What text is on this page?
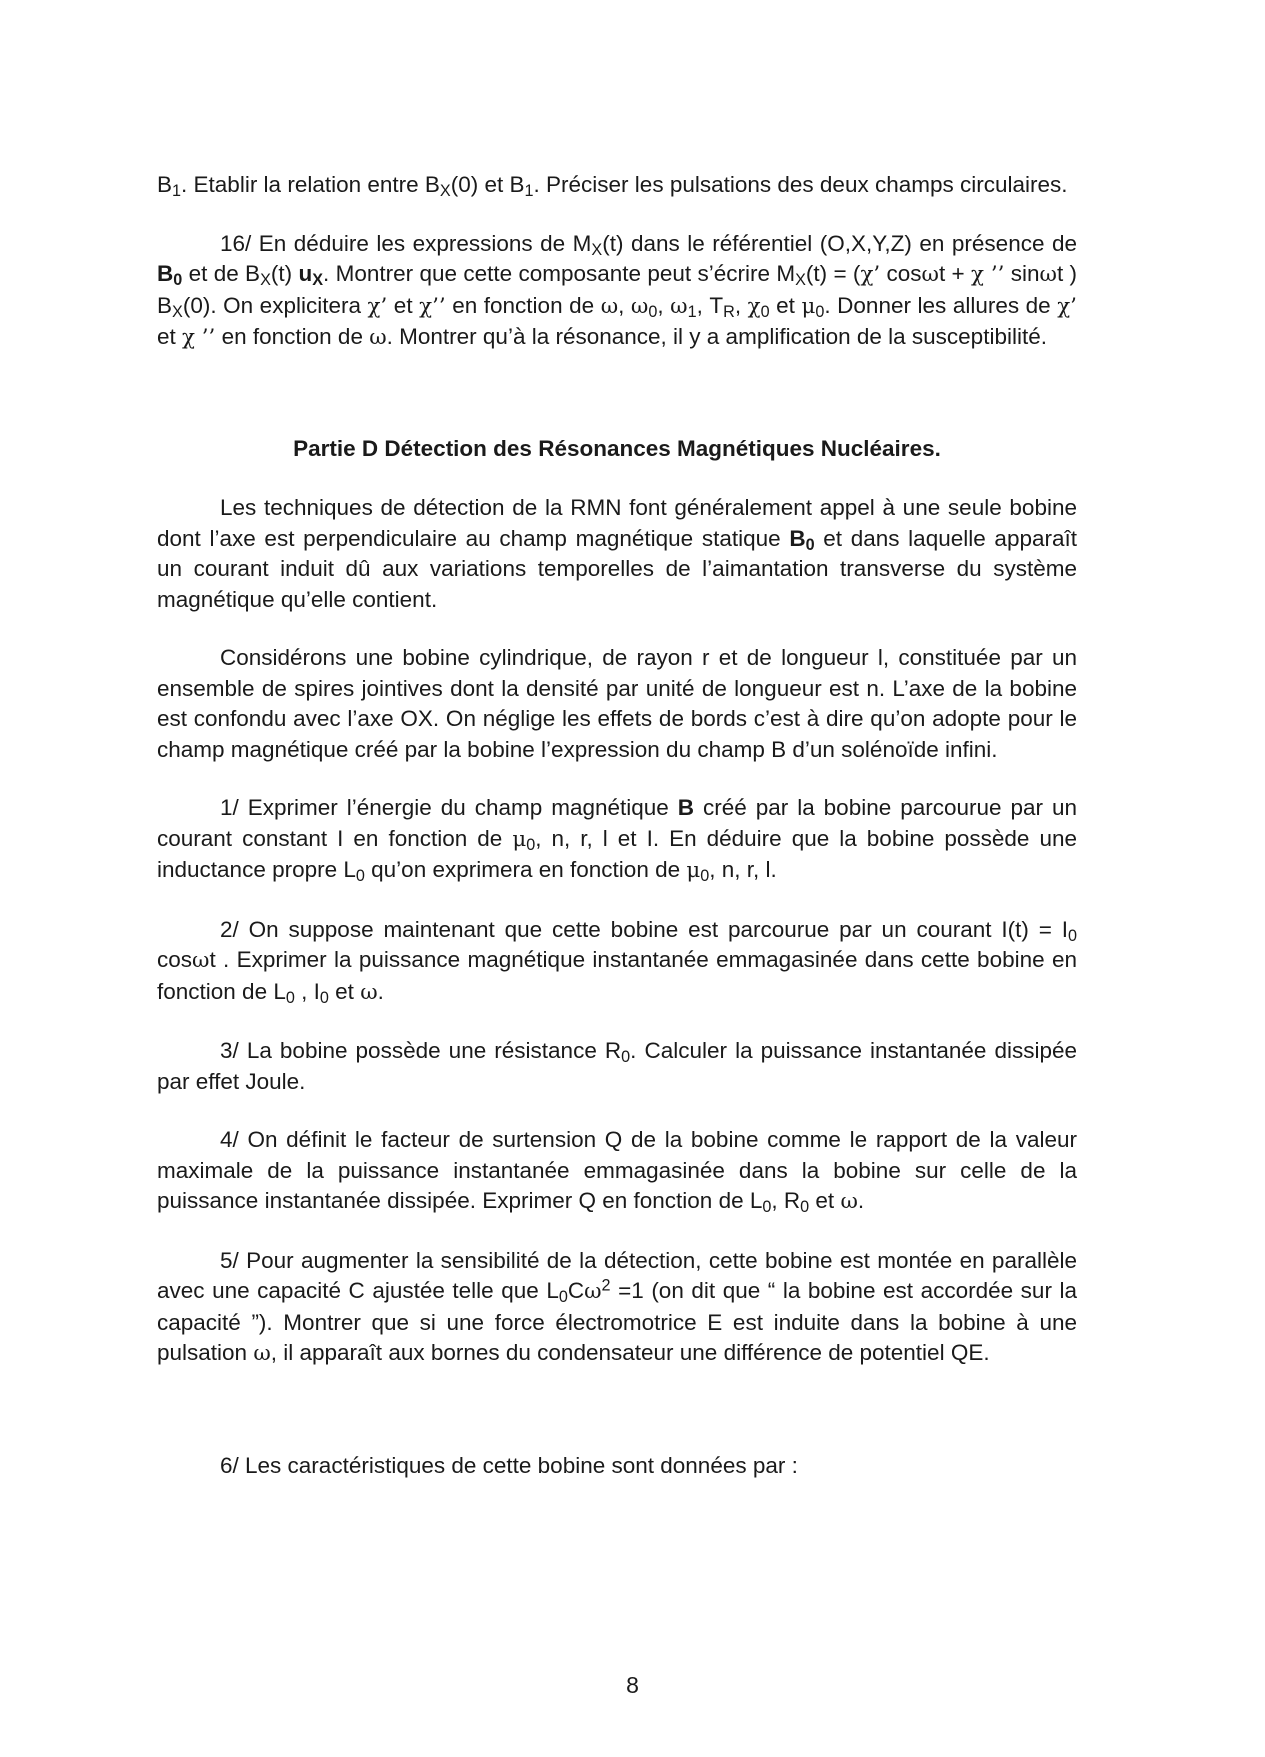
$B_1$. Etablir la relation entre $B_X(0)$ et $B_1$. Préciser les pulsations des deux champs circulaires.

16/ En déduire les expressions de $M_X(t)$ dans le référentiel (O,X,Y,Z) en présence de $B_0$ et de $B_X(t)$ $u_X$. Montrer que cette composante peut s’écrire $M_X(t) = (\chi$’ cosωt + χ ’’ sinωt ) $B_X(0)$. On explicitera χ’ et χ’’ en fonction de ω, $\omega_0$, $\omega_1$, $T_R$, $\chi_0$ et $\mu_0$. Donner les allures de χ’ et χ ’’ en fonction de ω. Montrer qu’à la résonance, il y a amplification de la susceptibilité.

Partie D Détection des Résonances Magnétiques Nucléaires.

Les techniques de détection de la RMN font généralement appel à une seule bobine dont l’axe est perpendiculaire au champ magnétique statique $B_0$ et dans laquelle apparaît un courant induit dû aux variations temporelles de l’aimantation transverse du système magnétique qu’elle contient.

Considérons une bobine cylindrique, de rayon r et de longueur l, constituée par un ensemble de spires jointives dont la densité par unité de longueur est n. L’axe de la bobine est confondu avec l’axe OX. On néglige les effets de bords c’est à dire qu’on adopte pour le champ magnétique créé par la bobine l’expression du champ B d’un solénoïde infini.

1/ Exprimer l’énergie du champ magnétique B créé par la bobine parcourue par un courant constant I en fonction de $\mu_0$, n, r, l et I. En déduire que la bobine possède une inductance propre $L_0$ qu’on exprimera en fonction de $\mu_0$, n, r, l.

2/ On suppose maintenant que cette bobine est parcourue par un courant $I(t) = I_0$ cosωt . Exprimer la puissance magnétique instantanée emmagasinée dans cette bobine en fonction de $L_0$ , $I_0$ et ω.

3/ La bobine possède une résistance $R_0$. Calculer la puissance instantanée dissipée par effet Joule.

4/ On définit le facteur de surtension Q de la bobine comme le rapport de la valeur maximale de la puissance instantanée emmagasinée dans la bobine sur celle de la puissance instantanée dissipée. Exprimer Q en fonction de $L_0$, $R_0$ et ω.

5/ Pour augmenter la sensibilité de la détection, cette bobine est montée en parallèle avec une capacité C ajustée telle que $L_0C\omega^2 =1$ (on dit que “ la bobine est accordée sur la capacité ”). Montrer que si une force électromotrice E est induite dans la bobine à une pulsation ω, il apparaît aux bornes du condensateur une différence de potentiel QE.

6/ Les caractéristiques de cette bobine sont données par :

8
